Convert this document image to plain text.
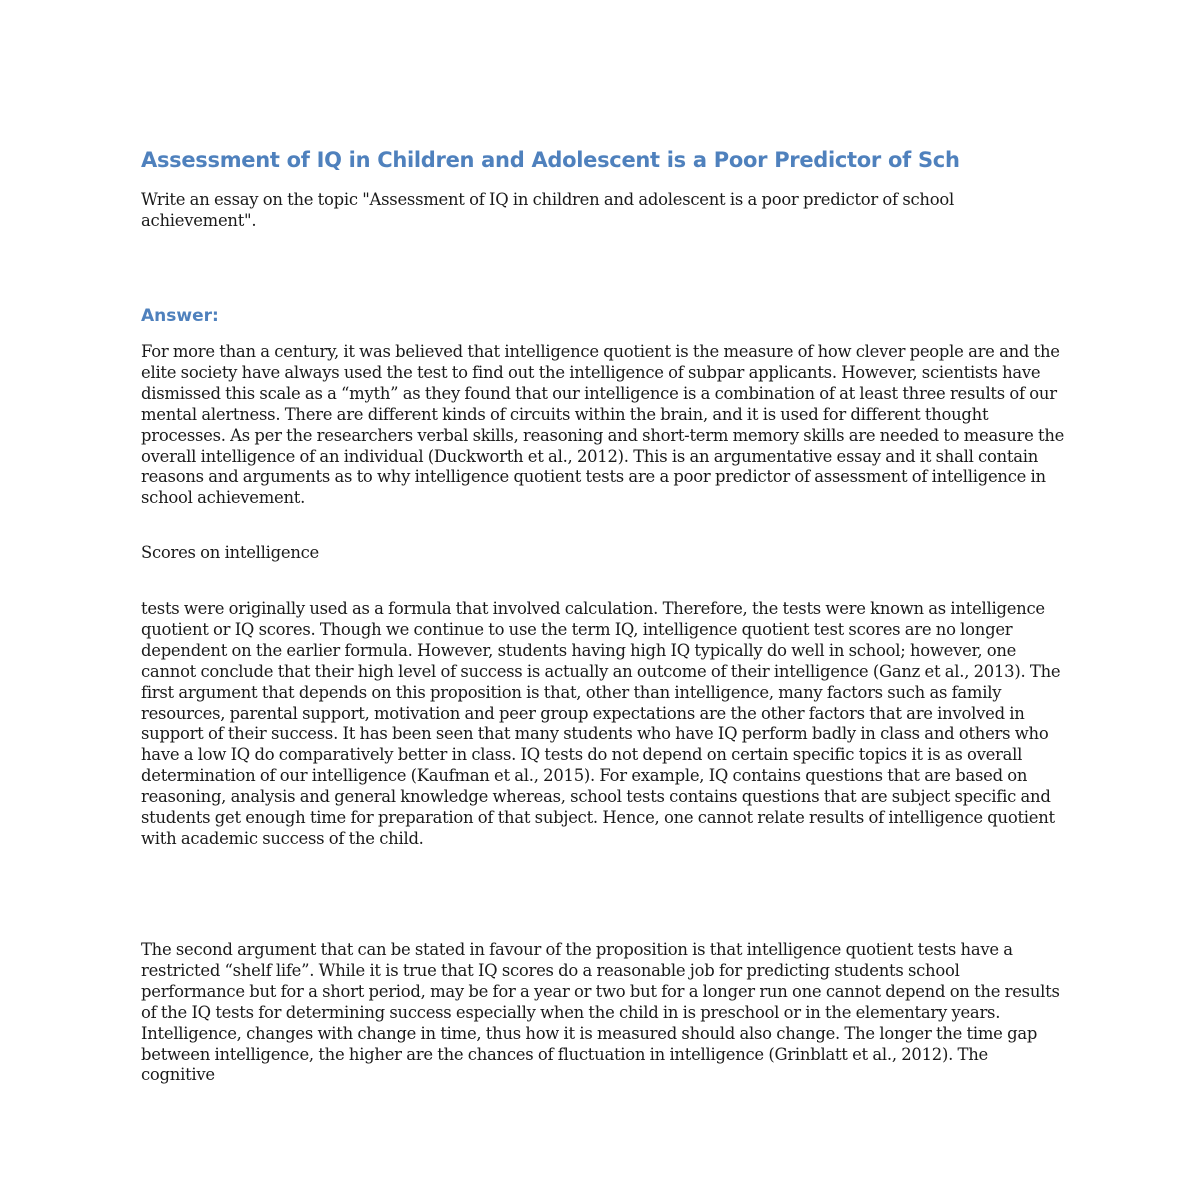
Assessment of IQ in Children and Adolescent is a Poor Predictor of Sch

Write an essay on the topic "Assessment of IQ in children and adolescent is a poor predictor of school achievement".

Answer:

For more than a century, it was believed that intelligence quotient is the measure of how clever people are and the elite society have always used the test to find out the intelligence of subpar applicants. However, scientists have dismissed this scale as a “myth” as they found that our intelligence is a combination of at least three results of our mental alertness. There are different kinds of circuits within the brain, and it is used for different thought processes. As per the researchers verbal skills, reasoning and short-term memory skills are needed to measure the overall intelligence of an individual (Duckworth et al., 2012). This is an argumentative essay and it shall contain reasons and arguments as to why intelligence quotient tests are a poor predictor of assessment of intelligence in school achievement.

Scores on intelligence

tests were originally used as a formula that involved calculation. Therefore, the tests were known as intelligence quotient or IQ scores. Though we continue to use the term IQ, intelligence quotient test scores are no longer dependent on the earlier formula. However, students having high IQ typically do well in school; however, one cannot conclude that their high level of success is actually an outcome of their intelligence (Ganz et al., 2013). The first argument that depends on this proposition is that, other than intelligence, many factors such as family resources, parental support, motivation and peer group expectations are the other factors that are involved in support of their success. It has been seen that many students who have IQ perform badly in class and others who have a low IQ do comparatively better in class. IQ tests do not depend on certain specific topics it is as overall determination of our intelligence (Kaufman et al., 2015). For example, IQ contains questions that are based on reasoning, analysis and general knowledge whereas, school tests contains questions that are subject specific and students get enough time for preparation of that subject. Hence, one cannot relate results of intelligence quotient with academic success of the child.

The second argument that can be stated in favour of the proposition is that intelligence quotient tests have a restricted “shelf life”. While it is true that IQ scores do a reasonable job for predicting students school performance but for a short period, may be for a year or two but for a longer run one cannot depend on the results of the IQ tests for determining success especially when the child in is preschool or in the elementary years. Intelligence, changes with change in time, thus how it is measured should also change. The longer the time gap between intelligence, the higher are the chances of fluctuation in intelligence (Grinblatt et al., 2012). The cognitive
